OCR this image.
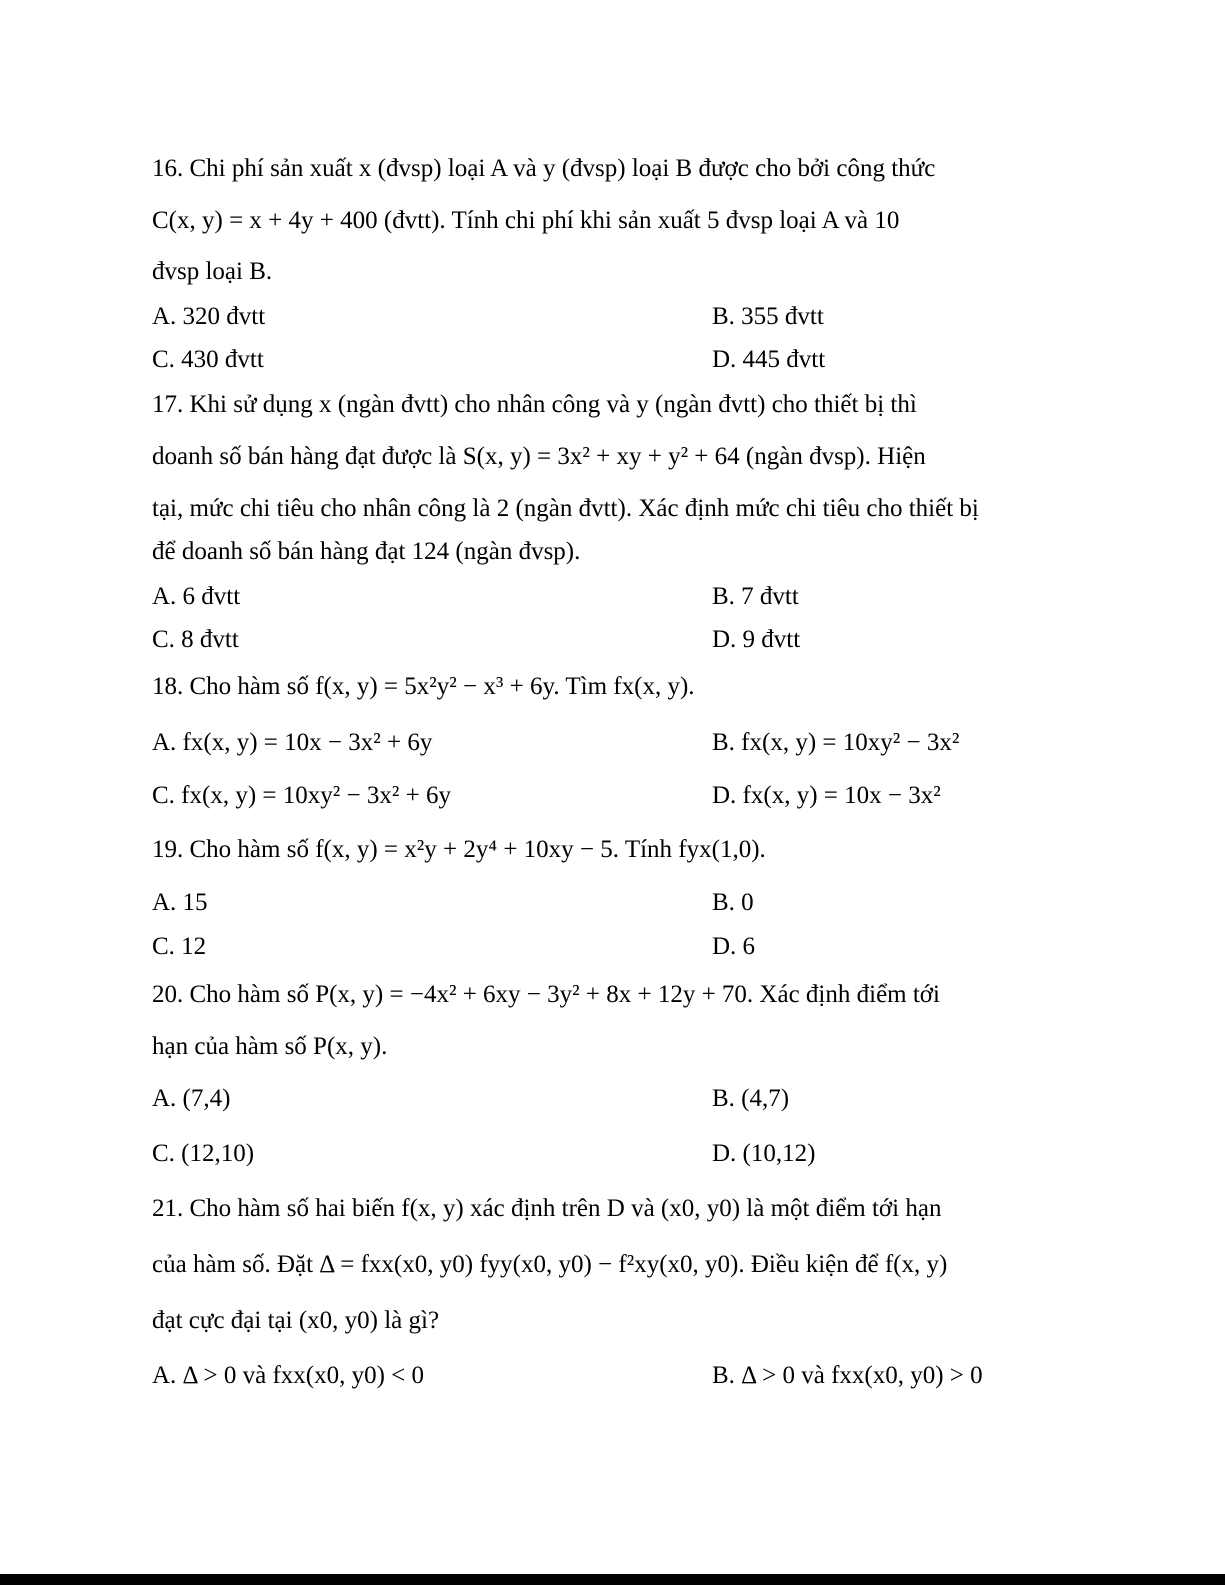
16. Chi phí sản xuất x (đvsp) loại A và y (đvsp) loại B được cho bởi công thức
C(x, y) = x + 4y + 400 (đvtt). Tính chi phí khi sản xuất 5 đvsp loại A và 10
đvsp loại B.
A. 320 đvtt	B. 355 đvtt
C. 430 đvtt	D. 445 đvtt
17. Khi sử dụng x (ngàn đvtt) cho nhân công và y (ngàn đvtt) cho thiết bị thì
doanh số bán hàng đạt được là S(x, y) = 3x² + xy + y² + 64 (ngàn đvsp). Hiện
tại, mức chi tiêu cho nhân công là 2 (ngàn đvtt). Xác định mức chi tiêu cho thiết bị
để doanh số bán hàng đạt 124 (ngàn đvsp).
A. 6 đvtt	B. 7 đvtt
C. 8 đvtt	D. 9 đvtt
18. Cho hàm số f(x, y) = 5x²y² − x³ + 6y. Tìm fx(x, y).
A. fx(x, y) = 10x − 3x² + 6y	B. fx(x, y) = 10xy² − 3x²
C. fx(x, y) = 10xy² − 3x² + 6y	D. fx(x, y) = 10x − 3x²
19. Cho hàm số f(x, y) = x²y + 2y⁴ + 10xy − 5. Tính fyx(1,0).
A. 15	B. 0
C. 12	D. 6
20. Cho hàm số P(x, y) = −4x² + 6xy − 3y² + 8x + 12y + 70. Xác định điểm tới
hạn của hàm số P(x, y).
A. (7,4)	B. (4,7)
C. (12,10)	D. (10,12)
21. Cho hàm số hai biến f(x, y) xác định trên D và (x0, y0) là một điểm tới hạn
của hàm số. Đặt Δ = fxx(x0, y0) fyy(x0, y0) − f²xy(x0, y0). Điều kiện để f(x, y)
đạt cực đại tại (x0, y0) là gì?
A. Δ > 0 và fxx(x0, y0) < 0	B. Δ > 0 và fxx(x0, y0) > 0
